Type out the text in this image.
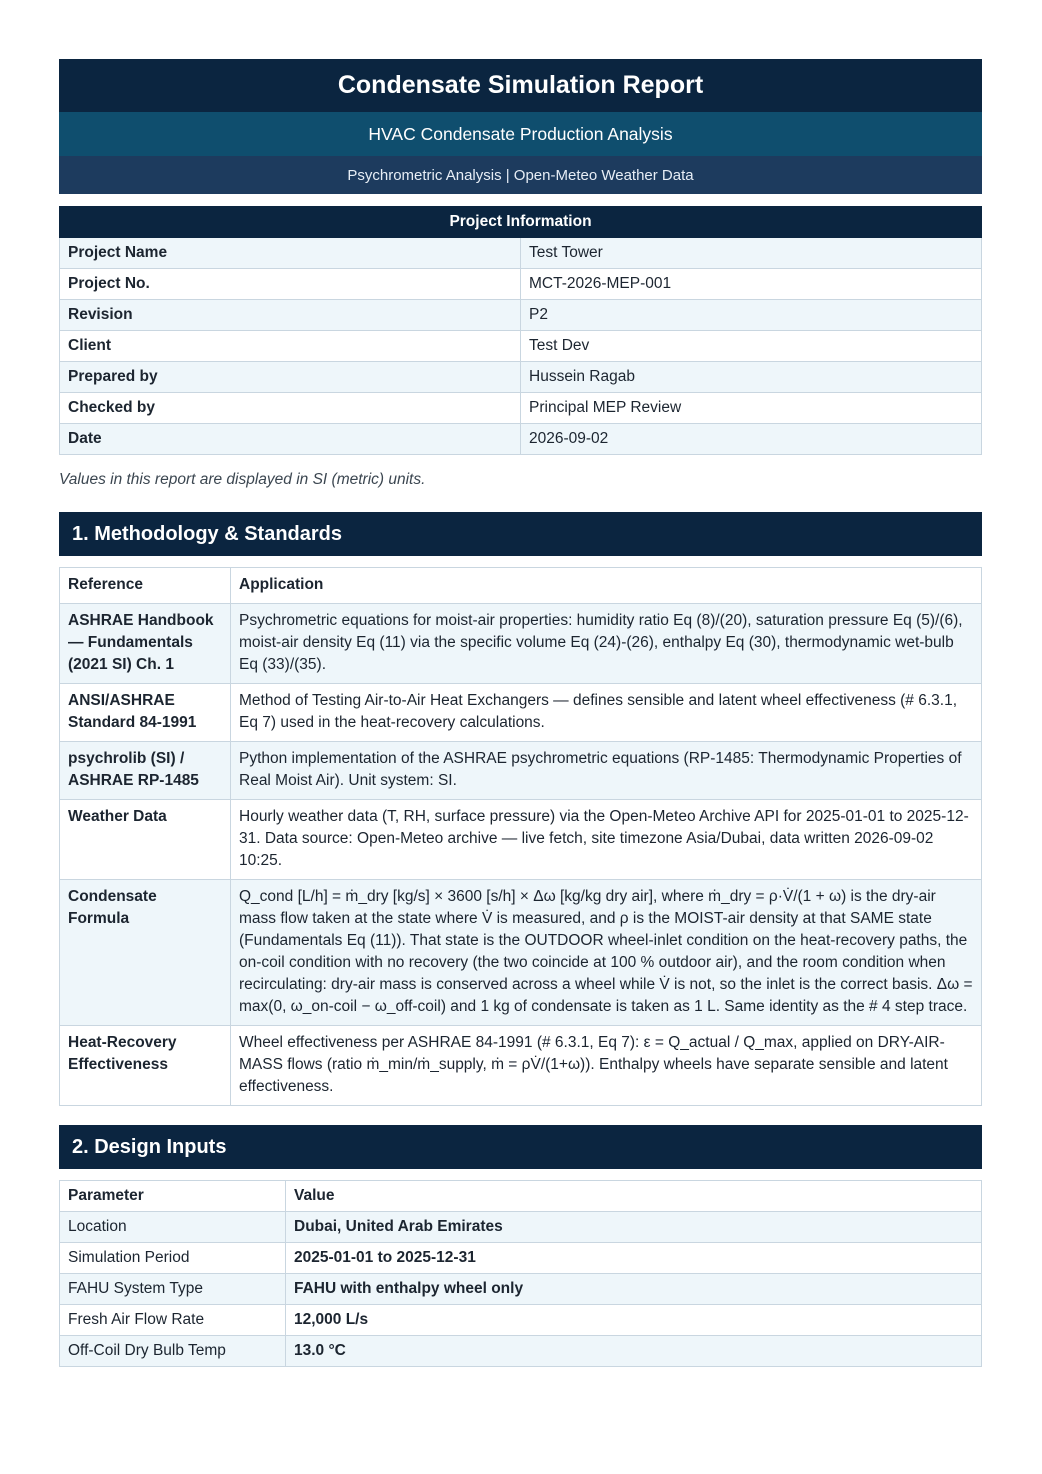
Condensate Simulation Report
HVAC Condensate Production Analysis
Psychrometric Analysis | Open-Meteo Weather Data
Project Information	
Project Name	Test Tower
Project No.	MCT-2026-MEP-001
Revision	P2
Client	Test Dev
Prepared by	Hussein Ragab
Checked by	Principal MEP Review
Date	2026-09-02
Values in this report are displayed in SI (metric) units.
1. Methodology & Standards
Reference	Application
ASHRAE Handbook — Fundamentals (2021 SI) Ch. 1	Psychrometric equations for moist-air properties: humidity ratio Eq (8)/(20), saturation pressure Eq (5)/(6), moist-air density Eq (11) via the specific volume Eq (24)-(26), enthalpy Eq (30), thermodynamic wet-bulb Eq (33)/(35).
ANSI/ASHRAE Standard 84-1991	Method of Testing Air-to-Air Heat Exchangers — defines sensible and latent wheel effectiveness (# 6.3.1, Eq 7) used in the heat-recovery calculations.
psychrolib (SI) / ASHRAE RP-1485	Python implementation of the ASHRAE psychrometric equations (RP-1485: Thermodynamic Properties of Real Moist Air). Unit system: SI.
Weather Data	Hourly weather data (T, RH, surface pressure) via the Open-Meteo Archive API for 2025-01-01 to 2025-12-31. Data source: Open-Meteo archive — live fetch, site timezone Asia/Dubai, data written 2026-09-02 10:25.
Condensate Formula	Q_cond [L/h] = ṁ_dry [kg/s] × 3600 [s/h] × Δω [kg/kg dry air], where ṁ_dry = ρ·V̇/(1 + ω) is the dry-air mass flow taken at the state where V̇ is measured, and ρ is the MOIST-air density at that SAME state (Fundamentals Eq (11)). That state is the OUTDOOR wheel-inlet condition on the heat-recovery paths, the on-coil condition with no recovery (the two coincide at 100 % outdoor air), and the room condition when recirculating: dry-air mass is conserved across a wheel while V̇ is not, so the inlet is the correct basis. Δω = max(0, ω_on-coil − ω_off-coil) and 1 kg of condensate is taken as 1 L. Same identity as the # 4 step trace.
Heat-Recovery Effectiveness	Wheel effectiveness per ASHRAE 84-1991 (# 6.3.1, Eq 7): ε = Q_actual / Q_max, applied on DRY-AIR-MASS flows (ratio ṁ_min/ṁ_supply, ṁ = ρV̇/(1+ω)). Enthalpy wheels have separate sensible and latent effectiveness.
2. Design Inputs
Parameter	Value
Location	Dubai, United Arab Emirates
Simulation Period	2025-01-01 to 2025-12-31
FAHU System Type	FAHU with enthalpy wheel only
Fresh Air Flow Rate	12,000 L/s
Off-Coil Dry Bulb Temp	13.0 °C
